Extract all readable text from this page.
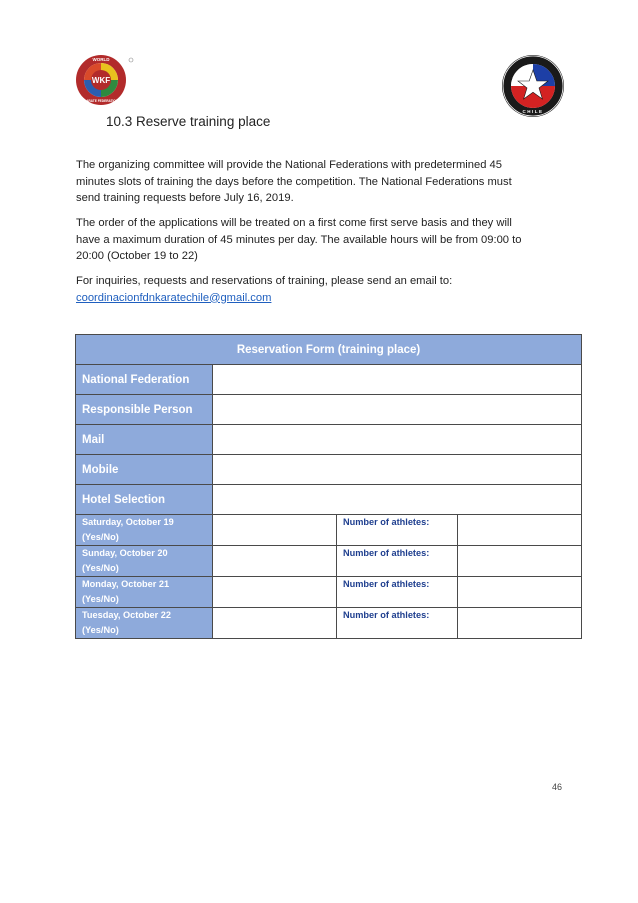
WORLD
WKF
KARATE FEDERATION
CHILE
10.3 Reserve training place
The organizing committee will provide the National Federations with predetermined 45
minutes slots of training the days before the competition. The National Federations must
send training requests before July 16, 2019.
The order of the applications will be treated on a first come first serve basis and they will
have a maximum duration of 45 minutes per day. The available hours will be from 09:00 to
20:00 (October 19 to 22)
For inquiries, requests and reservations of training, please send an email to:
coordinacionfdnkaratechile@gmail.com
Reservation Form (training place)			
National Federation			
Responsible Person			
Mail			
Mobile			
Hotel Selection			

Saturday, October 19
(Yes/No)		Number of athletes:	

Sunday, October 20
(Yes/No)		Number of athletes:	

Monday, October 21
(Yes/No)		Number of athletes:	

Tuesday, October 22
(Yes/No)		Number of athletes:	
46
